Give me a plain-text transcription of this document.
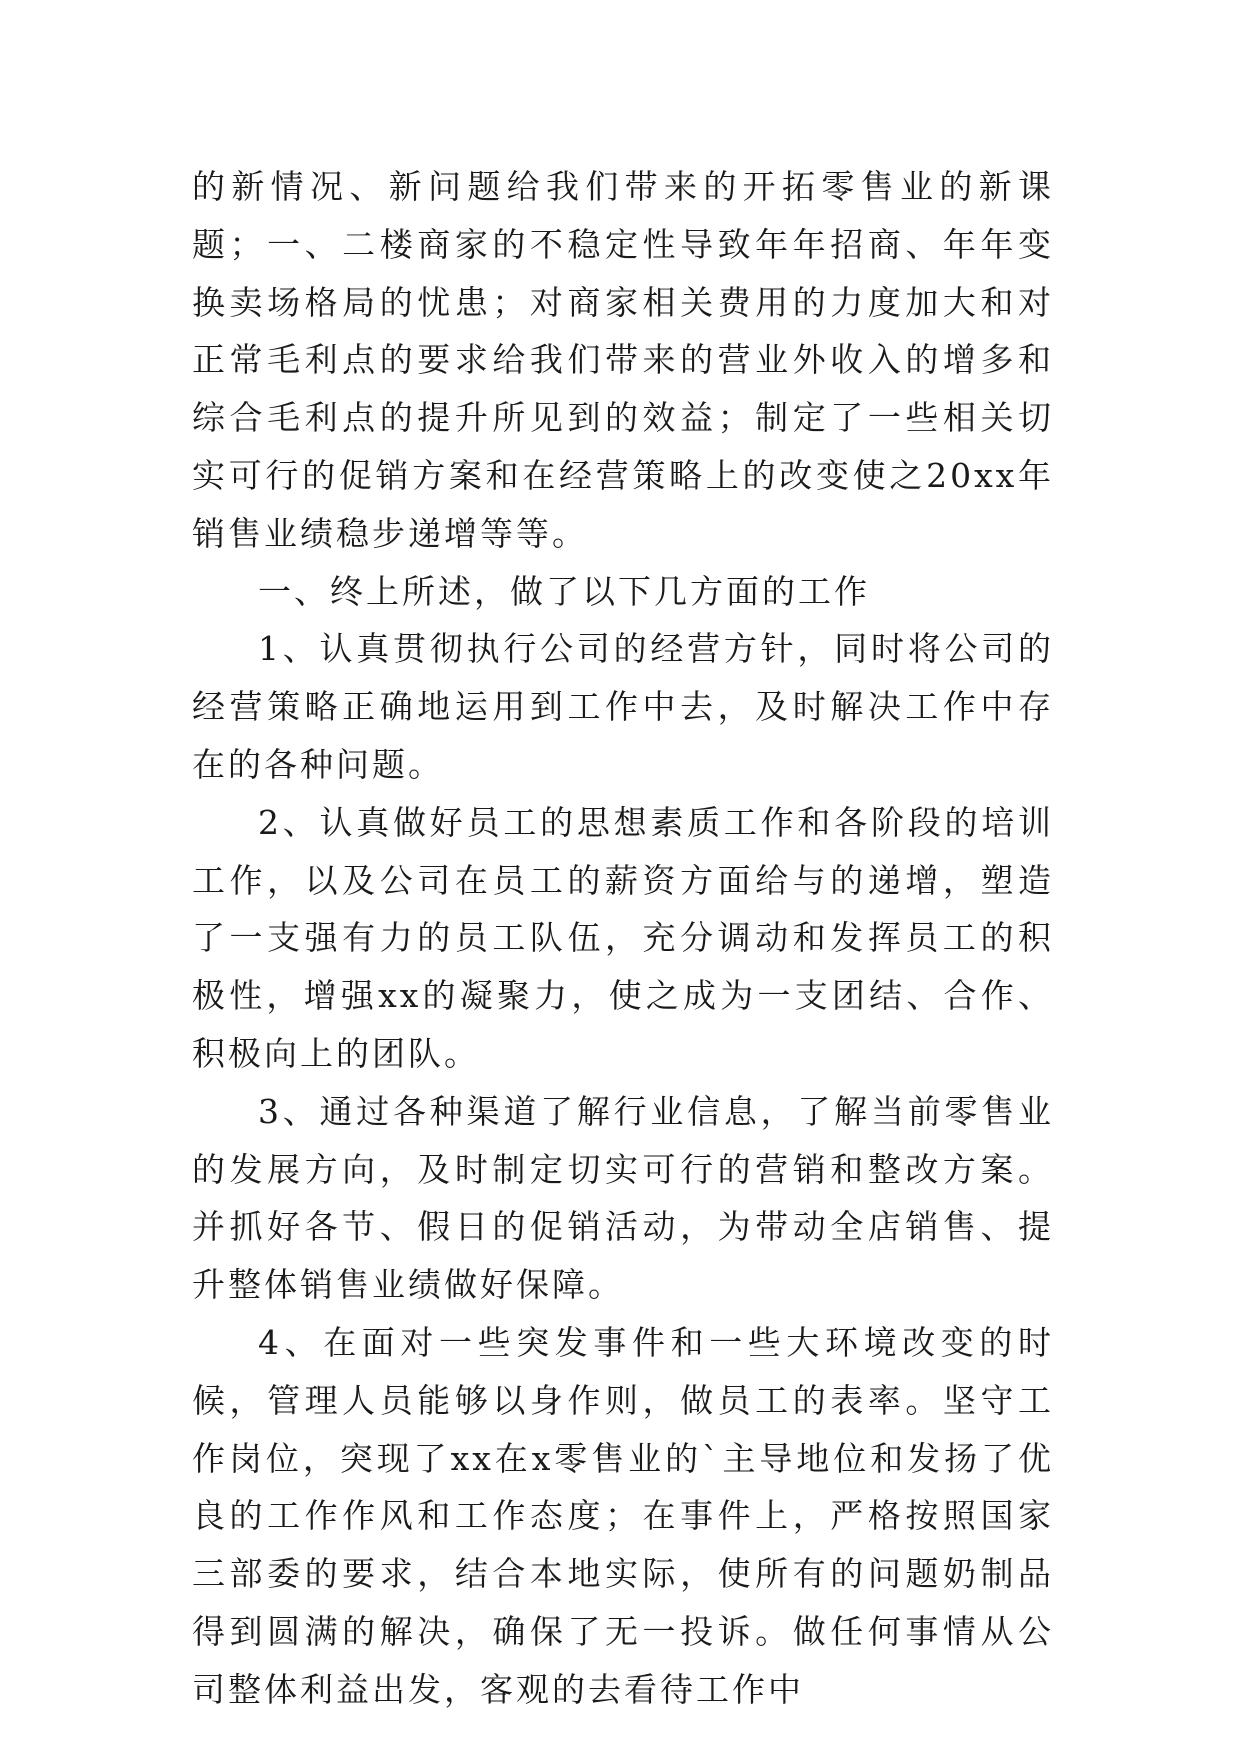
的新情况、新问题给我们带来的开拓零售业的新课题；一、二楼商家的不稳定性导致年年招商、年年变换卖场格局的忧患；对商家相关费用的力度加大和对正常毛利点的要求给我们带来的营业外收入的增多和综合毛利点的提升所见到的效益；制定了一些相关切实可行的促销方案和在经营策略上的改变使之20xx年销售业绩稳步递增等等。

一、终上所述，做了以下几方面的工作

1、认真贯彻执行公司的经营方针，同时将公司的经营策略正确地运用到工作中去，及时解决工作中存在的各种问题。

2、认真做好员工的思想素质工作和各阶段的培训工作，以及公司在员工的薪资方面给与的递增，塑造了一支强有力的员工队伍，充分调动和发挥员工的积极性，增强xx的凝聚力，使之成为一支团结、合作、积极向上的团队。

3、通过各种渠道了解行业信息，了解当前零售业的发展方向，及时制定切实可行的营销和整改方案。并抓好各节、假日的促销活动，为带动全店销售、提升整体销售业绩做好保障。

4、在面对一些突发事件和一些大环境改变的时候，管理人员能够以身作则，做员工的表率。坚守工作岗位，突现了xx在x零售业的`主导地位和发扬了优良的工作作风和工作态度；在事件上，严格按照国家三部委的要求，结合本地实际，使所有的问题奶制品得到圆满的解决，确保了无一投诉。做任何事情从公司整体利益出发，客观的去看待工作中
